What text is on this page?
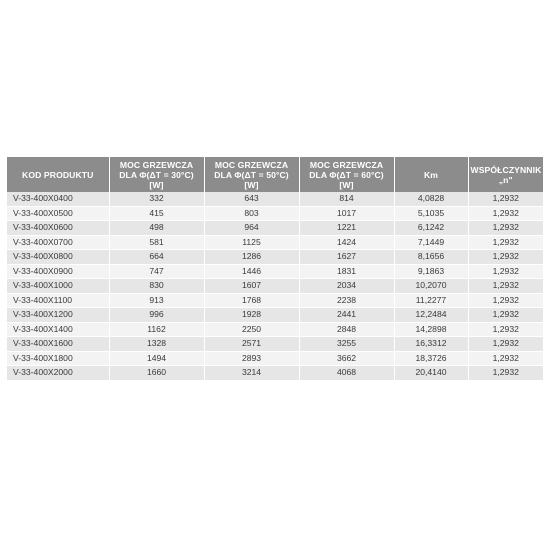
KOD PRODUKTU	MOC GRZEWCZA
DLA Φ(ΔT = 30°C)
[W]	MOC GRZEWCZA
DLA Φ(ΔT = 50°C)
[W]	MOC GRZEWCZA
DLA Φ(ΔT = 60°C)
[W]	Km	WSPÓŁCZYNNIK
„n"

V-33-400X0400	332	643	814	4,0828	1,2932
V-33-400X0500	415	803	1017	5,1035	1,2932
V-33-400X0600	498	964	1221	6,1242	1,2932
V-33-400X0700	581	1125	1424	7,1449	1,2932
V-33-400X0800	664	1286	1627	8,1656	1,2932
V-33-400X0900	747	1446	1831	9,1863	1,2932
V-33-400X1000	830	1607	2034	10,2070	1,2932
V-33-400X1100	913	1768	2238	11,2277	1,2932
V-33-400X1200	996	1928	2441	12,2484	1,2932
V-33-400X1400	1162	2250	2848	14,2898	1,2932
V-33-400X1600	1328	2571	3255	16,3312	1,2932
V-33-400X1800	1494	2893	3662	18,3726	1,2932
V-33-400X2000	1660	3214	4068	20,4140	1,2932
